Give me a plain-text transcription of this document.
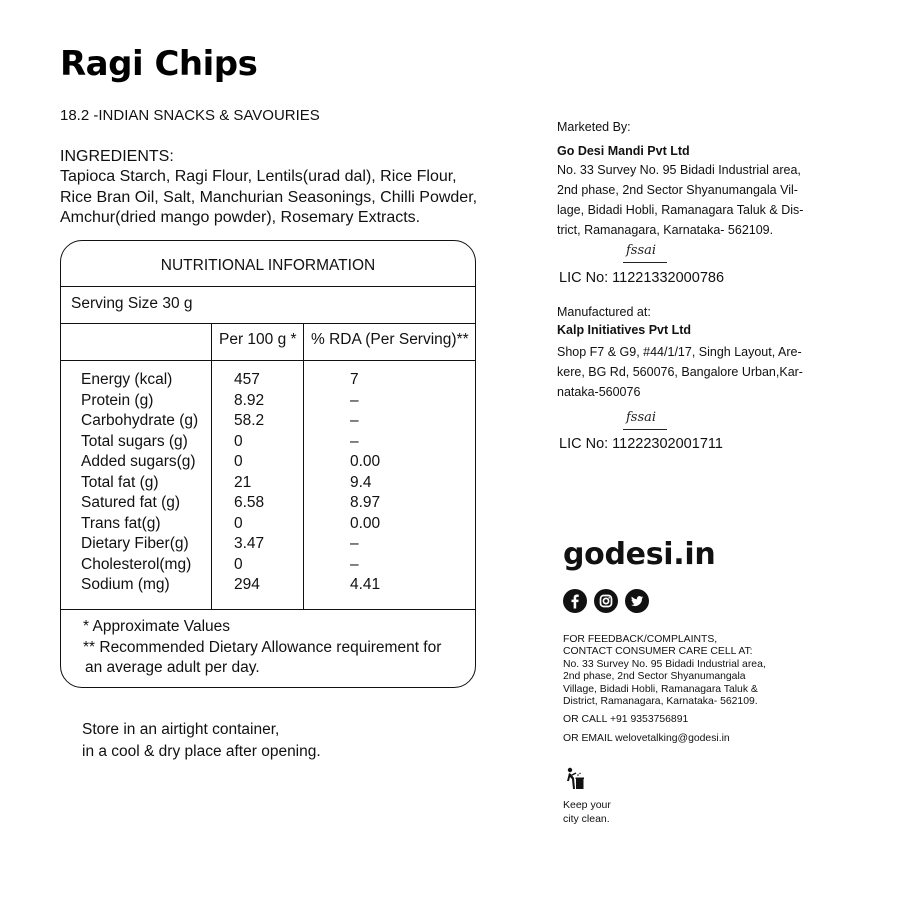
Ragi Chips
18.2 -INDIAN SNACKS & SAVOURIES
INGREDIENTS:
Tapioca Starch, Ragi Flour, Lentils(urad dal), Rice Flour,
Rice Bran Oil, Salt, Manchurian Seasonings, Chilli Powder,
Amchur(dried mango powder), Rosemary Extracts.
NUTRITIONAL INFORMATION
Serving Size 30 g
Per 100 g * % RDA (Per Serving)**
Energy (kcal)	457	7
Protein (g)	8.92	–
Carbohydrate (g) 58.2	–
Total sugars (g)	0	–
Added sugars(g) 0	0.00
Total fat (g)	21	9.4
Satured fat (g)	6.58	8.97
Trans fat(g)	0	0.00
Dietary Fiber(g)	3.47	–
Cholesterol(mg)	0	–
Sodium (mg)	294	4.41
* Approximate Values
** Recommended Dietary Allowance requirement for
an average adult per day.
Store in an airtight container,
in a cool & dry place after opening.
Marketed By:
Go Desi Mandi Pvt Ltd
No. 33 Survey No. 95 Bidadi Industrial area,
2nd phase, 2nd Sector Shyanumangala Vil-
lage, Bidadi Hobli, Ramanagara Taluk & Dis-
trict, Ramanagara, Karnataka- 562109.
fssai
LIC No: 11221332000786
Manufactured at:
Kalp Initiatives Pvt Ltd
Shop F7 & G9, #44/1/17, Singh Layout, Are-
kere, BG Rd, 560076, Bangalore Urban,Kar-
nataka-560076
fssai
LIC No: 11222302001711
godesi.in
FOR FEEDBACK/COMPLAINTS,
CONTACT CONSUMER CARE CELL AT:
No. 33 Survey No. 95 Bidadi Industrial area,
2nd phase, 2nd Sector Shyanumangala
Village, Bidadi Hobli, Ramanagara Taluk &
District, Ramanagara, Karnataka- 562109.
OR CALL +91 9353756891
OR EMAIL welovetalking@godesi.in
Keep your
city clean.
